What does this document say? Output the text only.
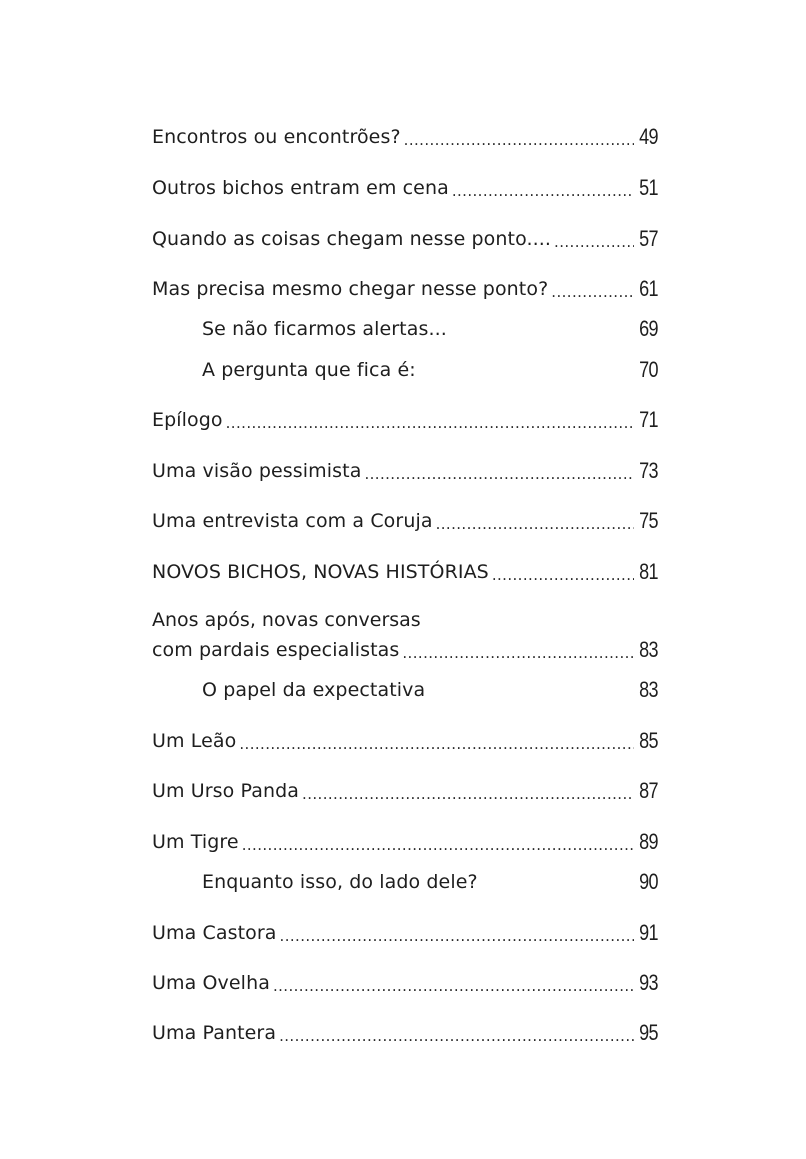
Encontros ou encontrões? .....	49
Outros bichos entram em cena .....	51
Quando as coisas chegam nesse ponto.... .....	57
Mas precisa mesmo chegar nesse ponto? .....	61
Se não ficarmos alertas...	69
A pergunta que fica é:	70
Epílogo .....	71
Uma visão pessimista .....	73
Uma entrevista com a Coruja .....	75
NOVOS BICHOS, NOVAS HISTÓRIAS .....	81
Anos após, novas conversas
com pardais especialistas .....	83
O papel da expectativa	83
Um Leão .....	85
Um Urso Panda .....	87
Um Tigre .....	89
Enquanto isso, do lado dele?	90
Uma Castora .....	91
Uma Ovelha .....	93
Uma Pantera .....	95
